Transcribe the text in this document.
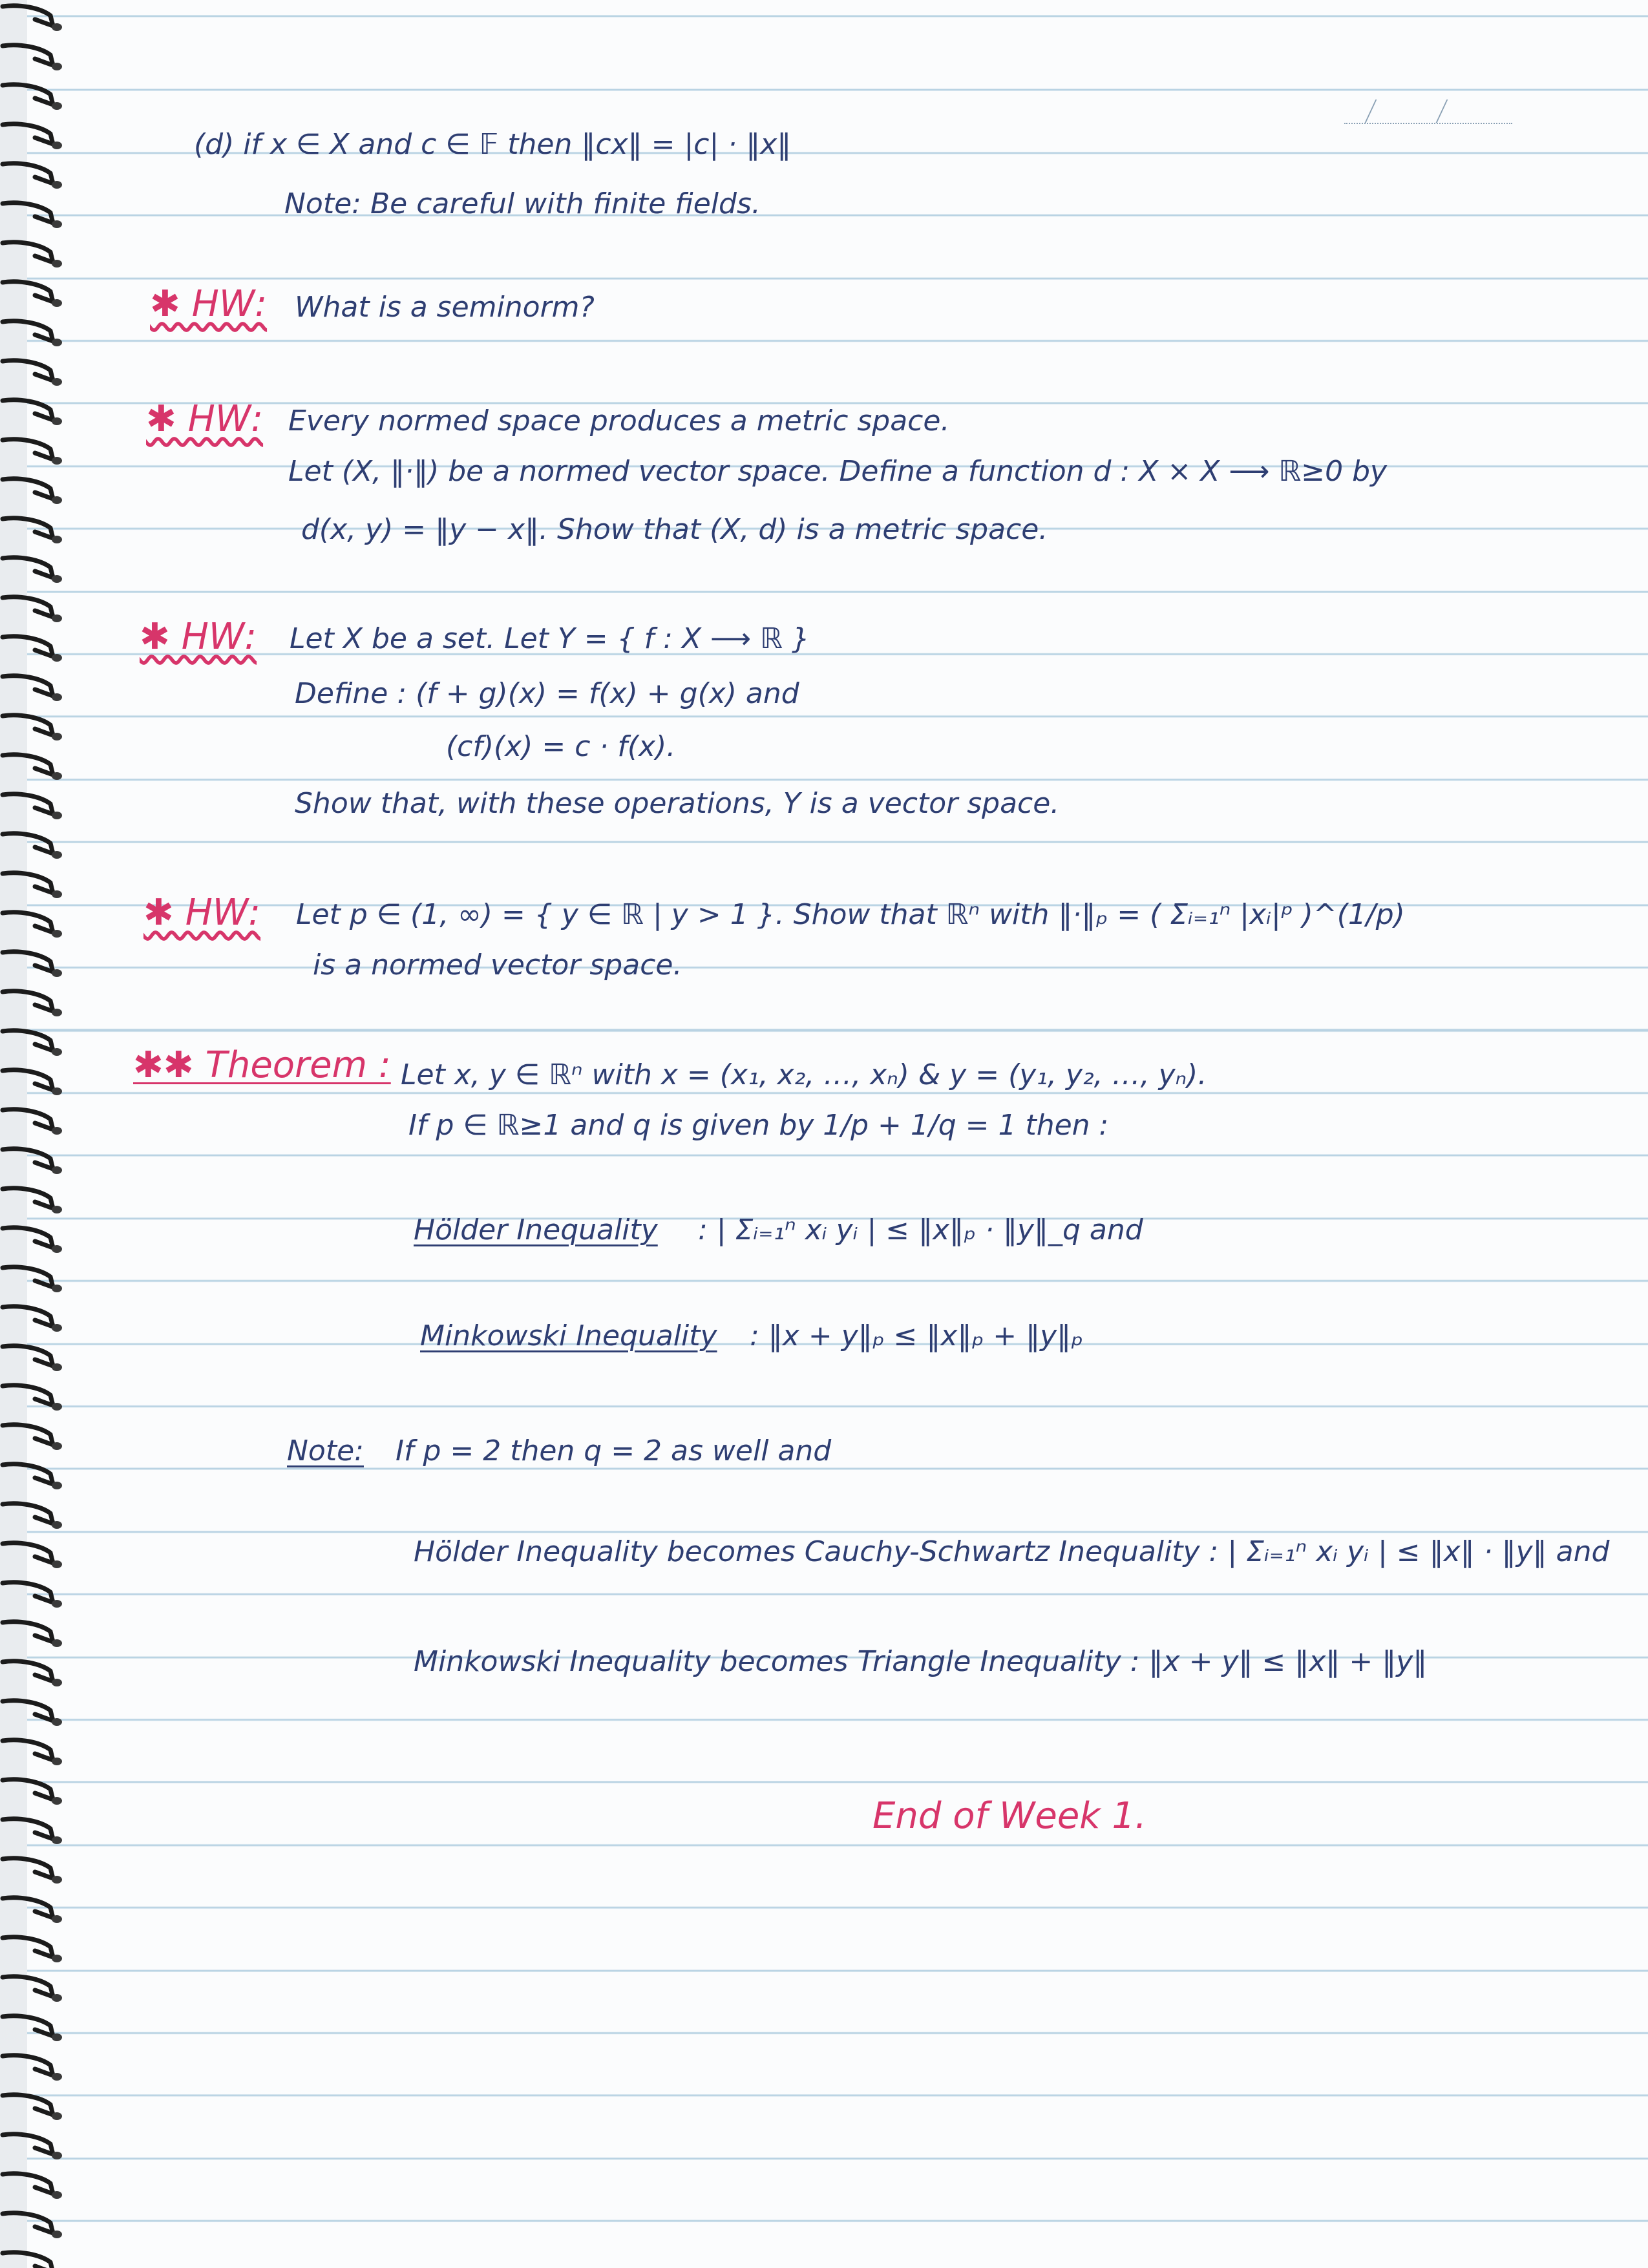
(d) if x ∈ X and c ∈ 𝔽 then ‖cx‖ = |c| · ‖x‖
Note: Be careful with finite fields.
✱ HW: What is a seminorm?
✱ HW: Every normed space produces a metric space.
Let (X, ‖·‖) be a normed vector space. Define a function d : X × X ⟶ ℝ≥0 by
d(x, y) = ‖y − x‖. Show that (X, d) is a metric space.
✱ HW: Let X be a set. Let Y = { f : X ⟶ ℝ }
Define : (f + g)(x) = f(x) + g(x) and
(cf)(x) = c · f(x).
Show that, with these operations, Y is a vector space.
✱ HW: Let p ∈ (1, ∞) = { y ∈ ℝ | y > 1 }. Show that ℝⁿ with ‖·‖ₚ = ( Σᵢ₌₁ⁿ |xᵢ|ᵖ )^(1/p)
is a normed vector space.
✱✱ Theorem : Let x, y ∈ ℝⁿ with x = (x₁, x₂, …, xₙ) & y = (y₁, y₂, …, yₙ).
If p ∈ ℝ≥1 and q is given by 1/p + 1/q = 1 then :
Hölder Inequality : | Σᵢ₌₁ⁿ xᵢ yᵢ | ≤ ‖x‖ₚ · ‖y‖_q and
Minkowski Inequality : ‖x + y‖ₚ ≤ ‖x‖ₚ + ‖y‖ₚ
Note: If p = 2 then q = 2 as well and
Hölder Inequality becomes Cauchy-Schwartz Inequality : | Σᵢ₌₁ⁿ xᵢ yᵢ | ≤ ‖x‖ · ‖y‖ and
Minkowski Inequality becomes Triangle Inequality : ‖x + y‖ ≤ ‖x‖ + ‖y‖
End of Week 1.
